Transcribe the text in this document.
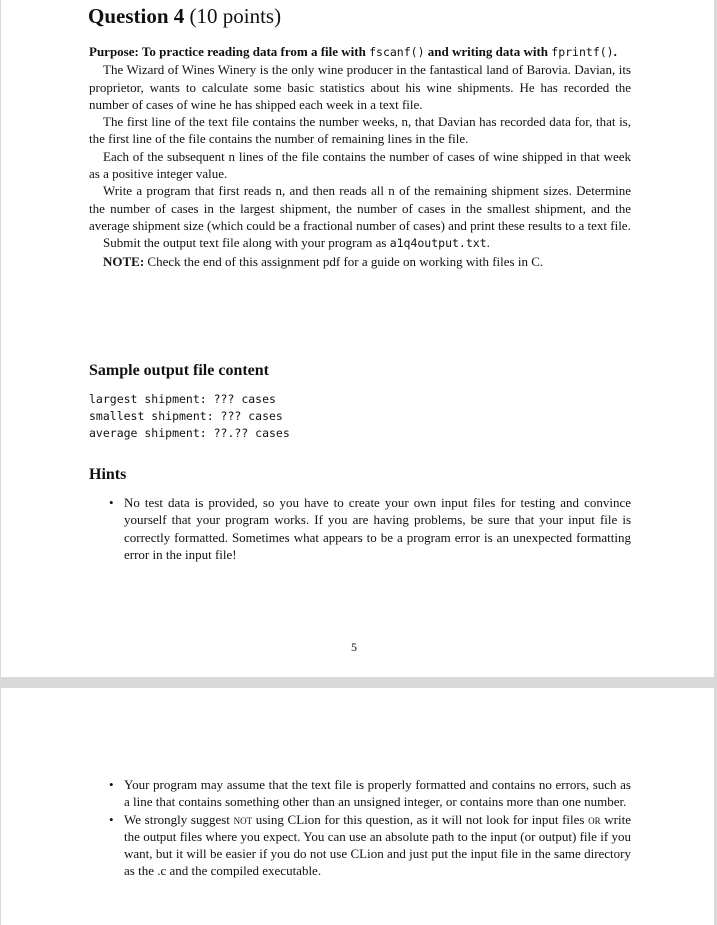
Question 4 (10 points)

Purpose: To practice reading data from a file with fscanf() and writing data with fprintf().

The Wizard of Wines Winery is the only wine producer in the fantastical land of Barovia. Davian, its proprietor, wants to calculate some basic statistics about his wine shipments. He has recorded the number of cases of wine he has shipped each week in a text file.

The first line of the text file contains the number weeks, n, that Davian has recorded data for, that is, the first line of the file contains the number of remaining lines in the file.

Each of the subsequent n lines of the file contains the number of cases of wine shipped in that week as a positive integer value.

Write a program that first reads n, and then reads all n of the remaining shipment sizes. Determine the number of cases in the largest shipment, the number of cases in the smallest shipment, and the average shipment size (which could be a fractional number of cases) and print these results to a text file.

Submit the output text file along with your program as a1q4output.txt.

NOTE: Check the end of this assignment pdf for a guide on working with files in C.

Sample output file content
largest shipment: ??? cases
smallest shipment: ??? cases
average shipment: ??.?? cases
Hints
• No test data is provided, so you have to create your own input files for testing and convince yourself that your program works. If you are having problems, be sure that your input file is correctly formatted. Sometimes what appears to be a program error is an unexpected formatting error in the input file!
5
• Your program may assume that the text file is properly formatted and contains no errors, such as a line that contains something other than an unsigned integer, or contains more than one number.
• We strongly suggest not using CLion for this question, as it will not look for input files or write the output files where you expect. You can use an absolute path to the input (or output) file if you want, but it will be easier if you do not use CLion and just put the input file in the same directory as the .c and the compiled executable.
